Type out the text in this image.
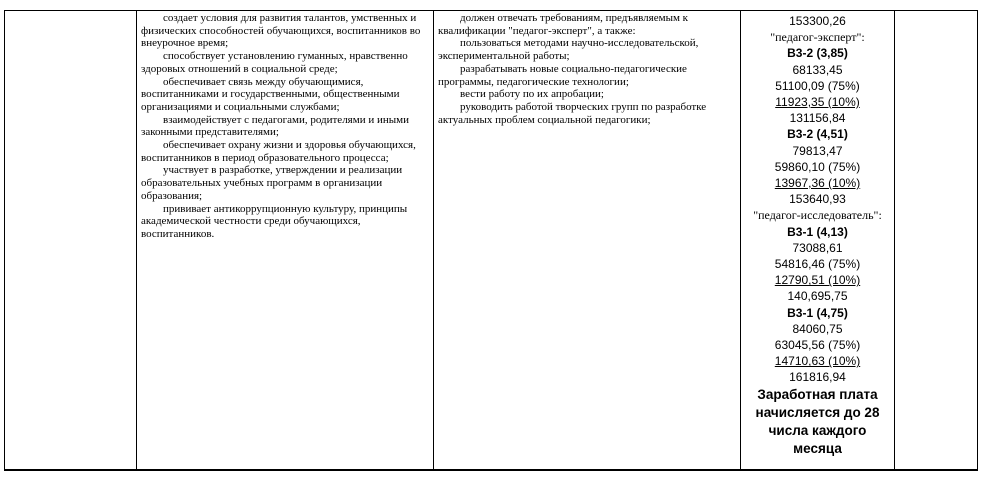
создает условия для развития талантов, умственных и физических способностей обучающихся, воспитанников во внеурочное время;

способствует установлению гуманных, нравственно здоровых отношений в социальной среде;

обеспечивает связь между обучающимися, воспитанниками и государственными, общественными организациями и социальными службами;

взаимодействует с педагогами, родителями и иными законными представителями;

обеспечивает охрану жизни и здоровья обучающихся, воспитанников в период образовательного процесса;

участвует в разработке, утверждении и реализации образовательных учебных программ в организации образования;

прививает антикоррупционную культуру, принципы академической честности среди обучающихся, воспитанников.

должен отвечать требованиям, предъявляемым к квалификации "педагог-эксперт", а также:

пользоваться методами научно-исследовательской, экспериментальной работы;

разрабатывать новые социально-педагогические программы, педагогические технологии;

вести работу по их апробации;

руководить работой творческих групп по разработке актуальных проблем социальной педагогики;

153300,26
"педагог-эксперт":
В3-2 (3,85)
68133,45
51100,09 (75%)
11923,35 (10%)
131156,84
В3-2 (4,51)
79813,47
59860,10 (75%)
13967,36 (10%)
153640,93
"педагог-исследователь":
В3-1 (4,13)
73088,61
54816,46 (75%)
12790,51 (10%)
140,695,75
В3-1 (4,75)
84060,75
63045,56 (75%)
14710,63 (10%)
161816,94
Заработная плата начисляется до 28 числа каждого месяца
